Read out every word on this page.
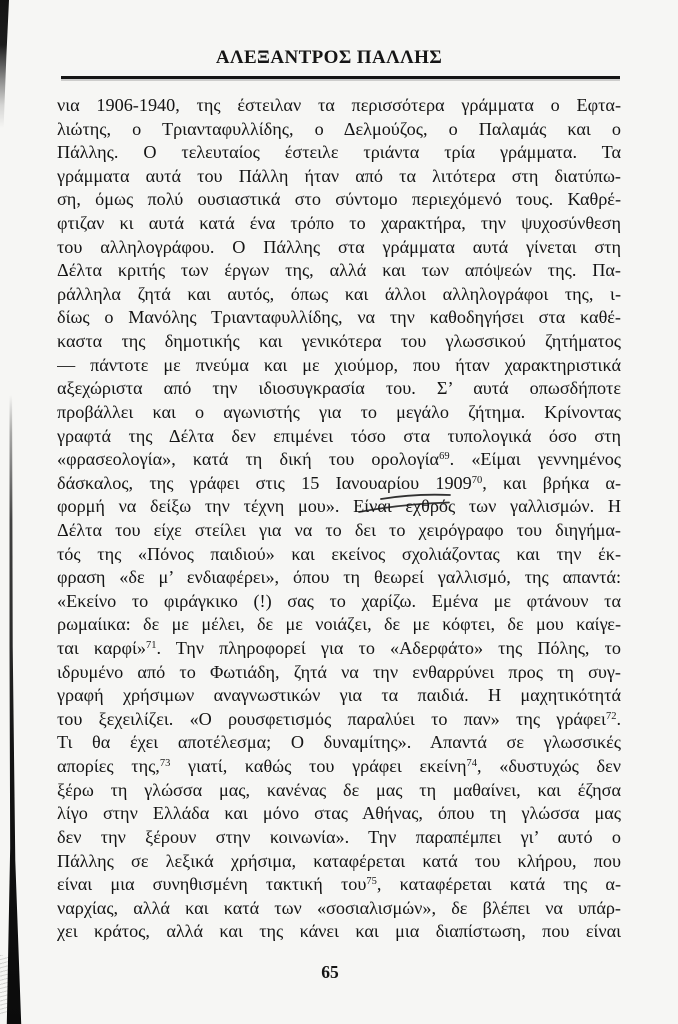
ΑΛΕΞΑΝΤΡΟΣ ΠΑΛΛΗΣ
νια 1906-1940, της έστειλαν τα περισσότερα γράμματα ο Εφτα-
λιώτης, ο Τριανταφυλλίδης, ο Δελμούζος, ο Παλαμάς και ο
Πάλλης. Ο τελευταίος έστειλε τριάντα τρία γράμματα. Τα
γράμματα αυτά του Πάλλη ήταν από τα λιτότερα στη διατύπω-
ση, όμως πολύ ουσιαστικά στο σύντομο περιεχόμενό τους. Καθρέ-
φτιζαν κι αυτά κατά ένα τρόπο το χαρακτήρα, την ψυχοσύνθεση
του αλληλογράφου. Ο Πάλλης στα γράμματα αυτά γίνεται στη
Δέλτα κριτής των έργων της, αλλά και των απόψεών της. Πα-
ράλληλα ζητά και αυτός, όπως και άλλοι αλληλογράφοι της, ι-
δίως ο Μανόλης Τριανταφυλλίδης, να την καθοδηγήσει στα καθέ-
καστα της δημοτικής και γενικότερα του γλωσσικού ζητήματος
— πάντοτε με πνεύμα και με χιούμορ, που ήταν χαρακτηριστικά
αξεχώριστα από την ιδιοσυγκρασία του. Σ’ αυτά οπωσδήποτε
προβάλλει και ο αγωνιστής για το μεγάλο ζήτημα. Κρίνοντας
γραφτά της Δέλτα δεν επιμένει τόσο στα τυπολογικά όσο στη
«φρασεολογία», κατά τη δική του ορολογία$^{69}$. «Είμαι γεννημένος
δάσκαλος, της γράφει στις 15 Ιανουαρίου 1909$^{70}$, και βρήκα α-
φορμή να δείξω την τέχνη μου». Είναι εχθρός των γαλλισμών. Η
Δέλτα του είχε στείλει για να το δει το χειρόγραφο του διηγήμα-
τός της «Πόνος παιδιού» και εκείνος σχολιάζοντας και την έκ-
φραση «δε μ’ ενδιαφέρει», όπου τη θεωρεί γαλλισμό, της απαντά:
«Εκείνο το φιράγκικο (!) σας το χαρίζω. Εμένα με φτάνουν τα
ρωμαίικα: δε με μέλει, δε με νοιάζει, δε με κόφτει, δε μου καίγε-
ται καρφί»$^{71}$. Την πληροφορεί για το «Αδερφάτο» της Πόλης, το
ιδρυμένο από το Φωτιάδη, ζητά να την ενθαρρύνει προς τη συγ-
γραφή χρήσιμων αναγνωστικών για τα παιδιά. Η μαχητικότητά
του ξεχειλίζει. «Ο ρουσφετισμός παραλύει το παν» της γράφει$^{72}$.
Τι θα έχει αποτέλεσμα; Ο δυναμίτης». Απαντά σε γλωσσικές
απορίες της,$^{73}$ γιατί, καθώς του γράφει εκείνη$^{74}$, «δυστυχώς δεν
ξέρω τη γλώσσα μας, κανένας δε μας τη μαθαίνει, και έζησα
λίγο στην Ελλάδα και μόνο στας Αθήνας, όπου τη γλώσσα μας
δεν την ξέρουν στην κοινωνία». Την παραπέμπει γι’ αυτό ο
Πάλλης σε λεξικά χρήσιμα, καταφέρεται κατά του κλήρου, που
είναι μια συνηθισμένη τακτική του$^{75}$, καταφέρεται κατά της α-
ναρχίας, αλλά και κατά των «σοσιαλισμών», δε βλέπει να υπάρ-
χει κράτος, αλλά και της κάνει και μια διαπίστωση, που είναι
65
